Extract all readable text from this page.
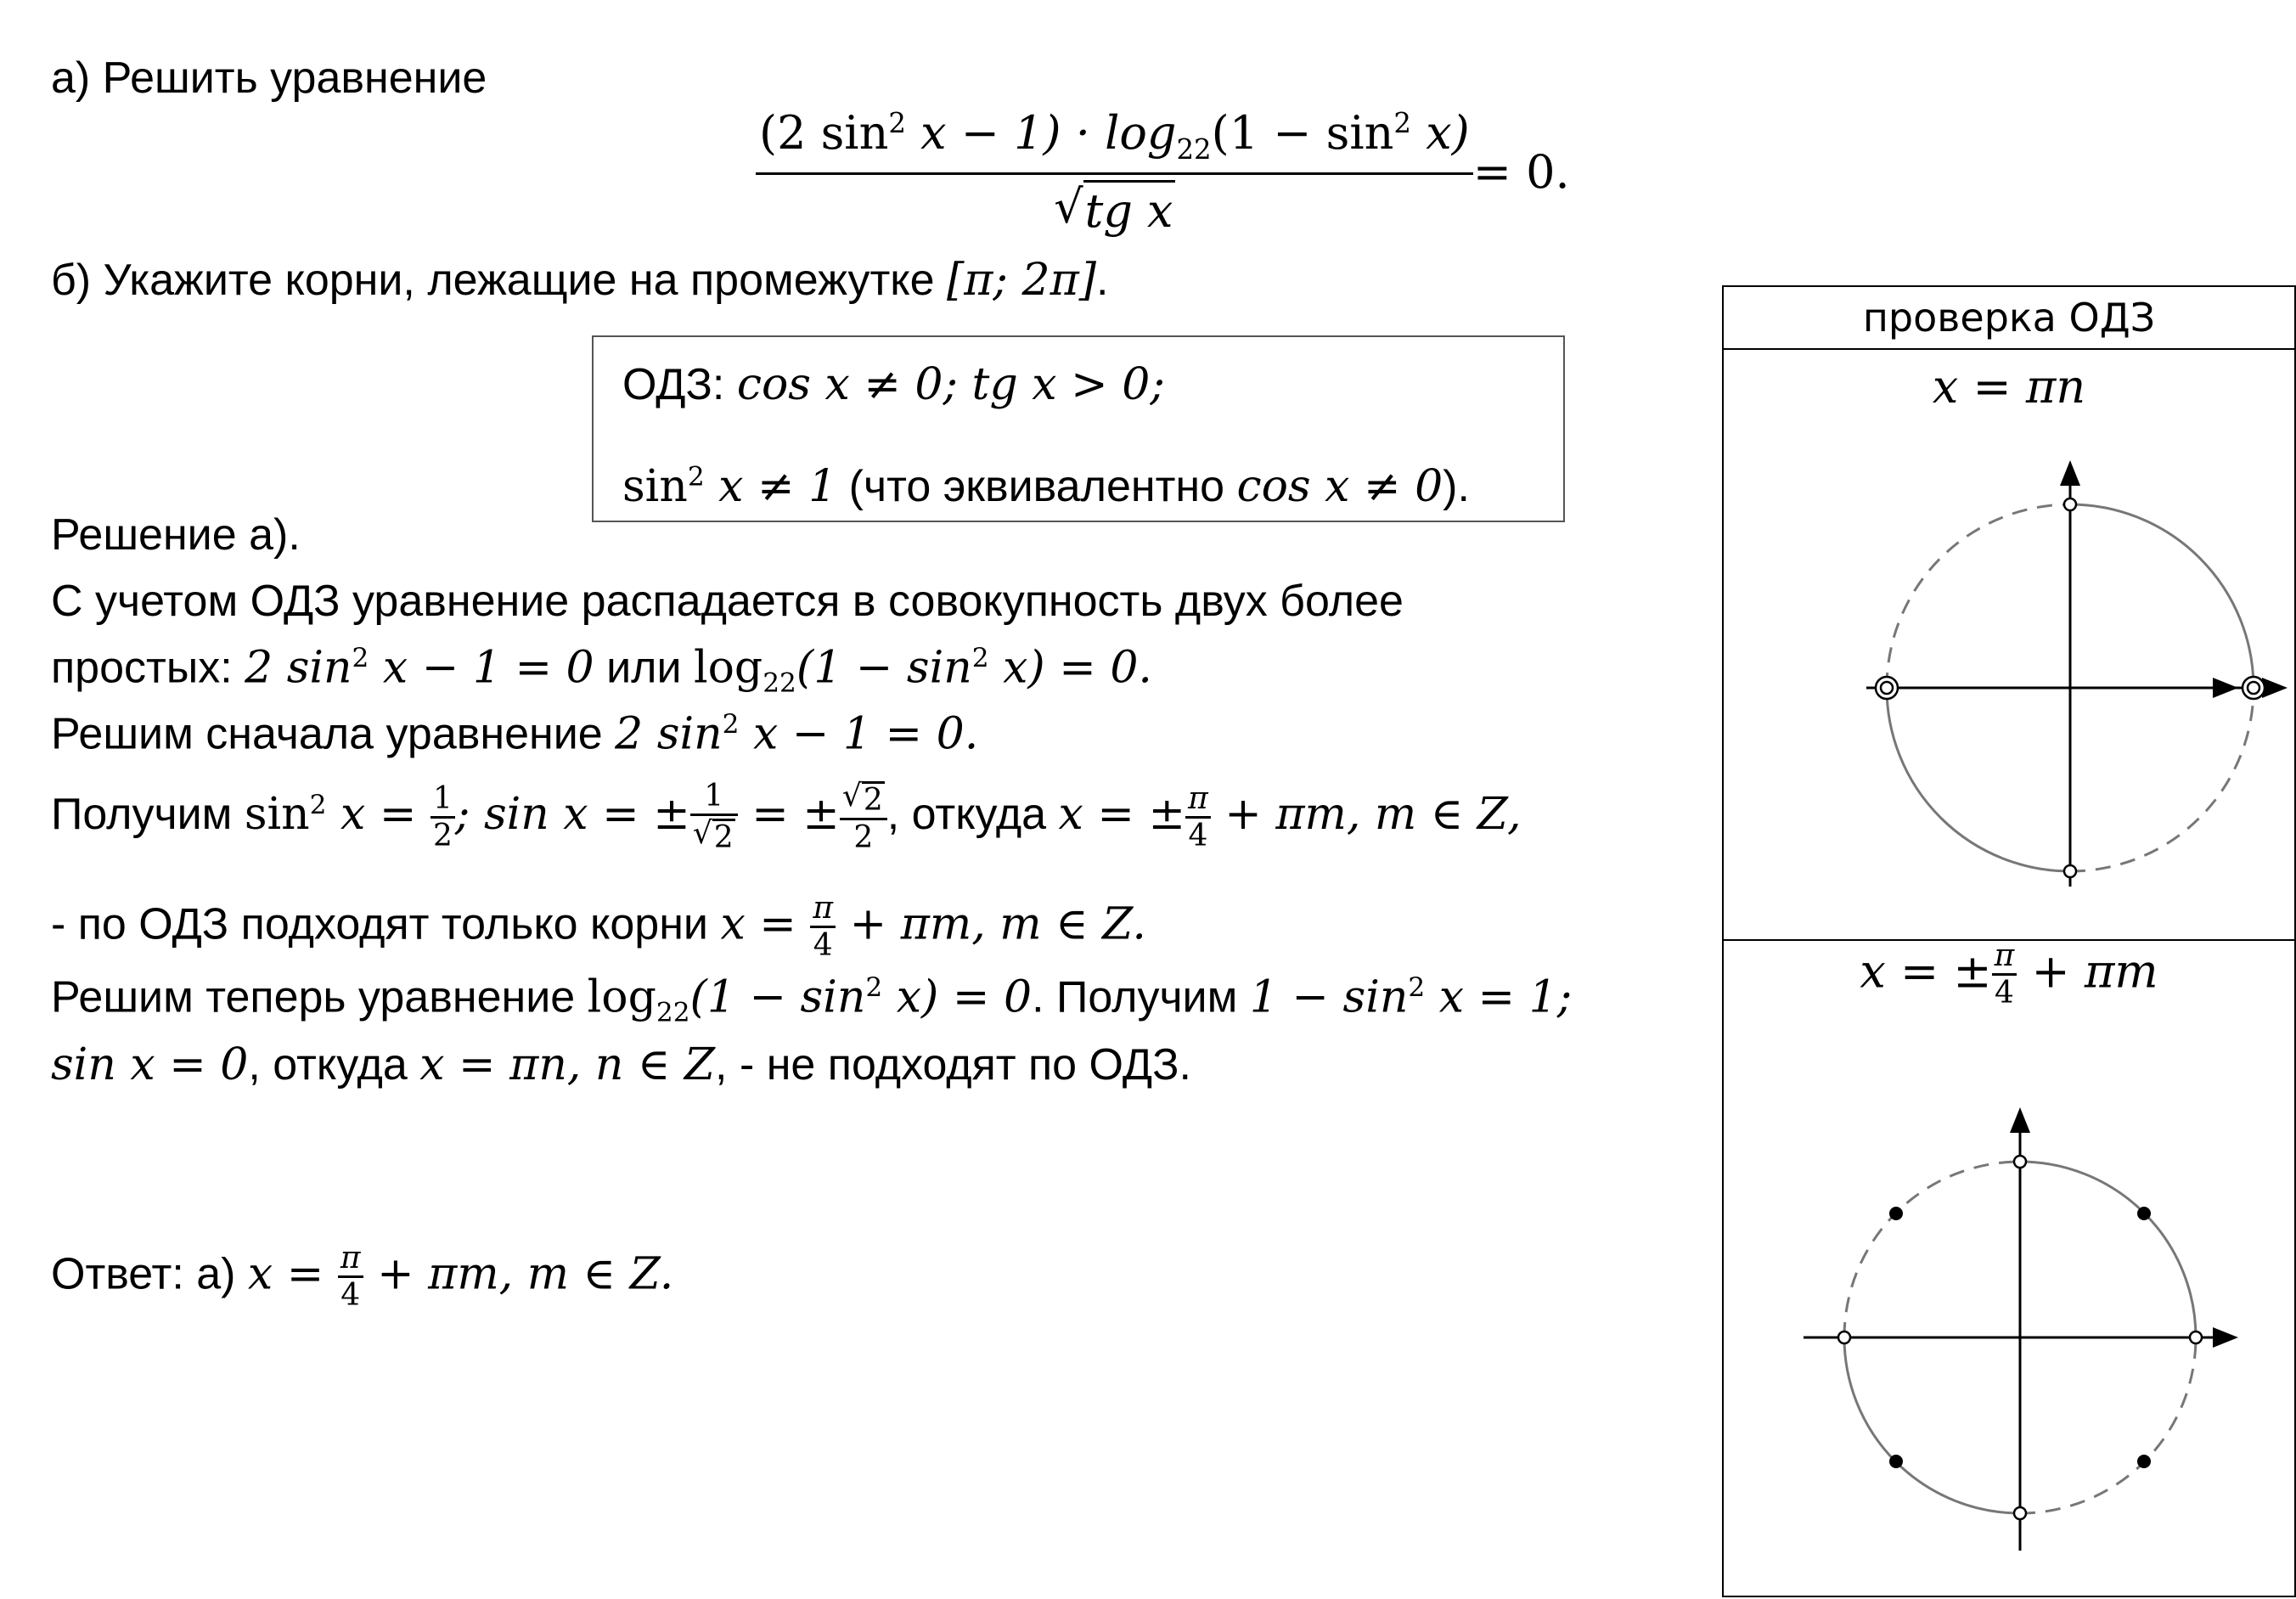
а) Решить уравнение
$\frac{(2 \sin^2 x - 1) \cdot \log_{22}(1 - \sin^2 x)}{\text{√ tg x}} = 0$.
б) Укажите корни, лежащие на промежутке [π; 2π].
ОДЗ: cos x ≠ 0; tg x > 0;
$\sin^2 x \ne 1$ (что эквивалентно cos x ≠ 0).
Решение а).
С учетом ОДЗ уравнение распадается в совокупность двух более
простых: 2 $\sin^2 x - 1 = 0$ или $\log_{22}(1 - \sin^2 x) = 0$.
Решим сначала уравнение 2 $\sin^2 x - 1 = 0$.
Получим $\sin^2 x = \frac{1}{2}$ ; sin x = ± $\frac{1}{√ 2}$ = ± $\frac{√ 2}{2}$ , откуда x = ± $\frac{\pi}{4} + \pi m$, m ∈ Z,
- по ОДЗ подходят только корни $x = \frac{\pi}{4} + \pi m$, m ∈ Z.
Решим теперь уравнение $\log_{22}(1 - \sin^2 x) = 0$. Получим $1 - \sin^2 x = 1$;
sin x = 0, откуда x = πn, n ∈ Z, - не подходят по ОДЗ.
Ответ: а) $x = \frac{\pi}{4} + \pi m$, m ∈ Z.
проверка ОДЗ
x = πn
x = ± $\frac{\pi}{4} + \pi m$
